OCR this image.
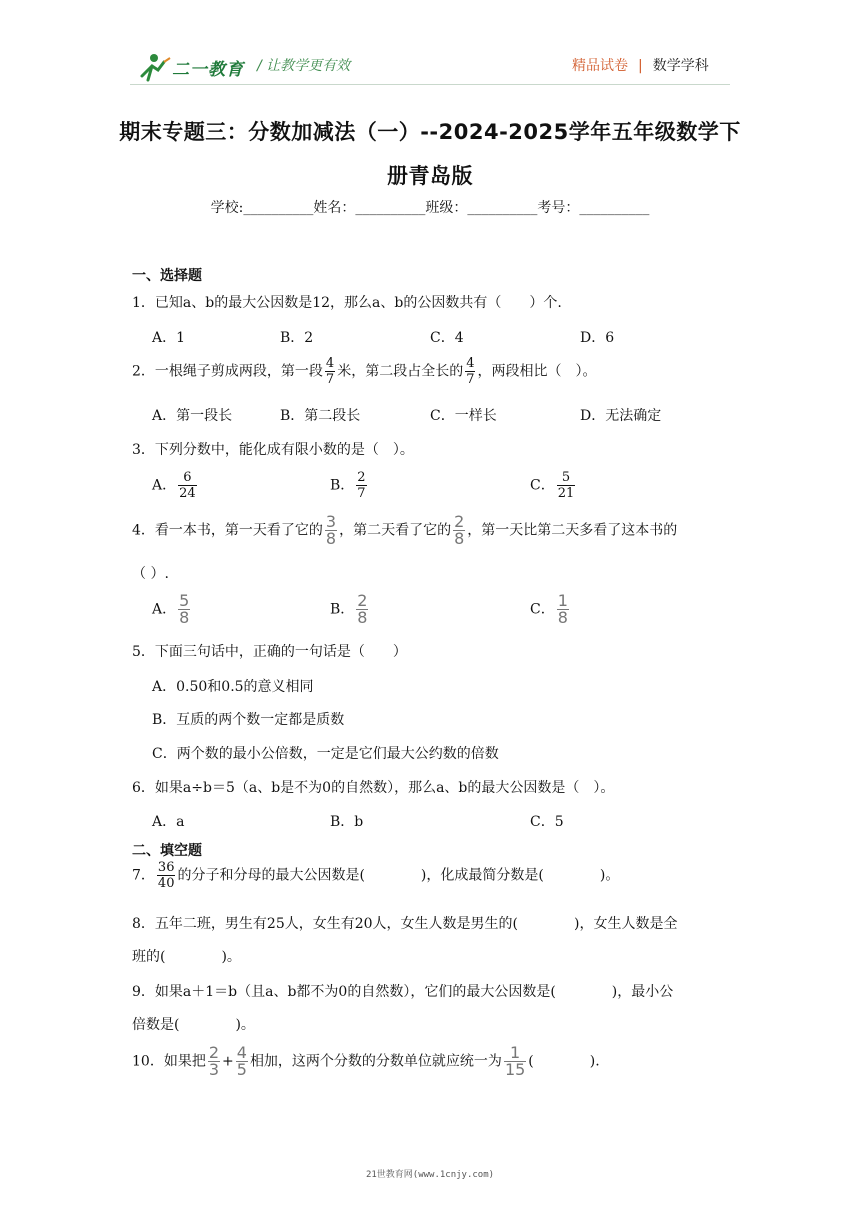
二一教育 / 让教学更有效	精品试卷 | 数学学科
期末专题三：分数加减法（一）--2024-2025学年五年级数学下
册青岛版
学校:__________姓名：__________班级：__________考号：__________
一、选择题
1．已知a、b的最大公因数是12，那么a、b的公因数共有（　　）个.
A．1	B．2	C．4	D．6
2．一根绳子剪成两段，第一段 $\frac{4}{7}$ 米，第二段占全长的 $\frac{4}{7}$ ，两段相比（　）。
A．第一段长	B．第二段长	C．一样长	D．无法确定
3．下列分数中，能化成有限小数的是（　）。
A． $\frac{6}{24}$	B． $\frac{2}{7}$	C． $\frac{5}{21}$
4．看一本书，第一天看了它的 $\frac{3}{8}$ ，第二天看了它的 $\frac{2}{8}$ ，第一天比第二天多看了这本书的
（ ）.
A． $\frac{5}{8}$	B． $\frac{2}{8}$	C． $\frac{1}{8}$
5．下面三句话中，正确的一句话是（　　）
A．0.50和0.5的意义相同
B．互质的两个数一定都是质数
C．两个数的最小公倍数，一定是它们最大公约数的倍数
6．如果a÷b＝5（a、b是不为0的自然数），那么a、b的最大公因数是（　）。
A．a	B．b	C．5
二、填空题
7． $\frac{36}{40}$ 的分子和分母的最大公因数是(　　　　)，化成最简分数是(　　　　)。
8．五年二班，男生有25人，女生有20人，女生人数是男生的(　　　　)，女生人数是全
班的(　　　　)。
9．如果a＋1＝b（且a、b都不为0的自然数），它们的最大公因数是(　　　　)，最小公
倍数是(　　　　)。
10．如果把 $\frac{2}{3} + \frac{4}{5}$ 相加，这两个分数的分数单位就应统一为 $\frac{1}{15}$ (　　　　).
21世教育网(www.1cnjy.com)
